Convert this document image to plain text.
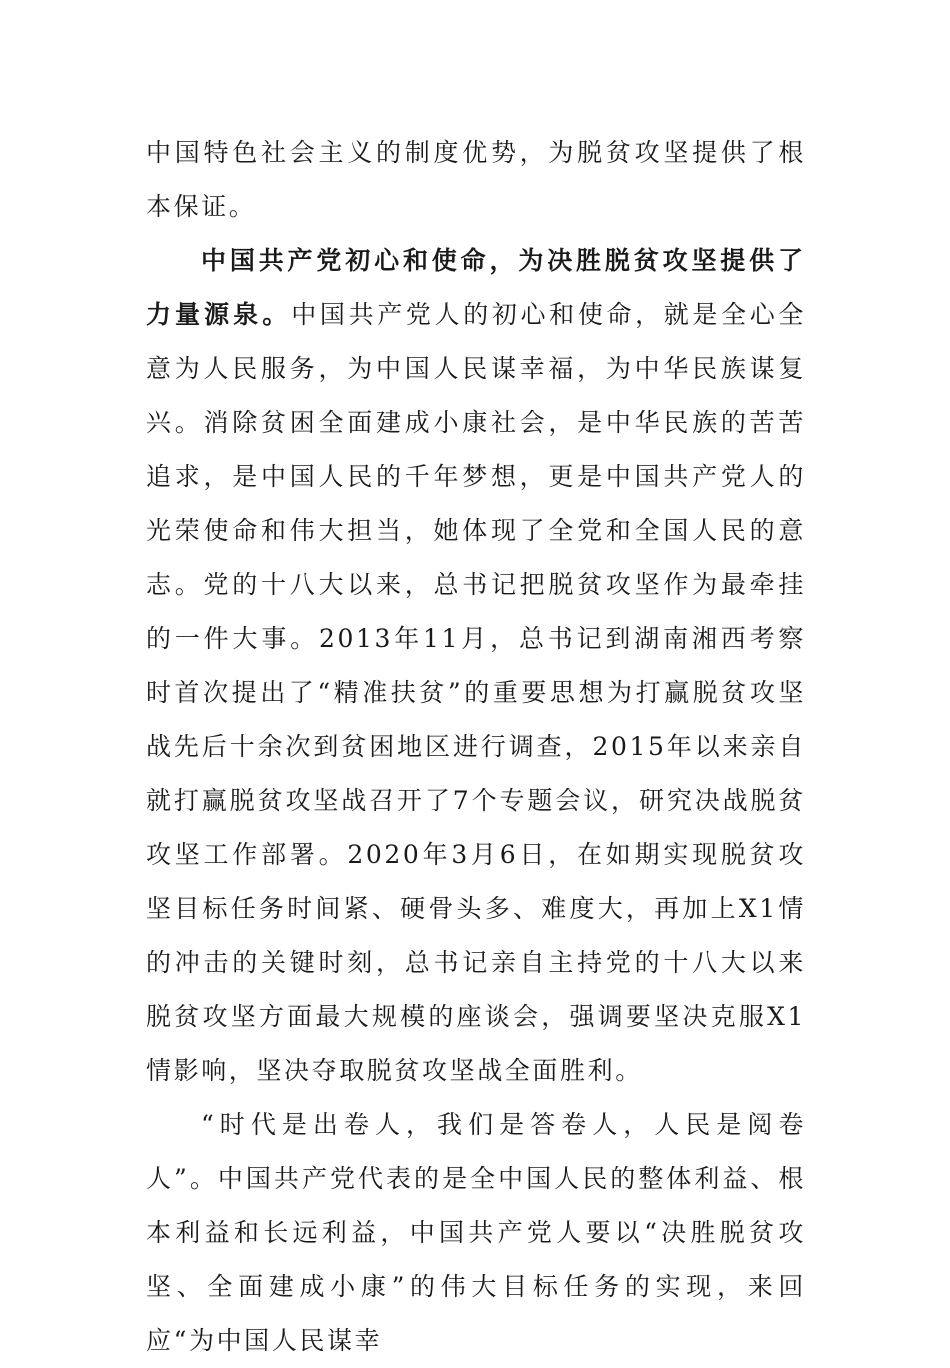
中国特色社会主义的制度优势，为脱贫攻坚提供了根本保证。

中国共产党初心和使命，为决胜脱贫攻坚提供了力量源泉。中国共产党人的初心和使命，就是全心全意为人民服务，为中国人民谋幸福，为中华民族谋复兴。消除贫困全面建成小康社会，是中华民族的苦苦追求，是中国人民的千年梦想，更是中国共产党人的光荣使命和伟大担当，她体现了全党和全国人民的意志。党的十八大以来，总书记把脱贫攻坚作为最牵挂的一件大事。2013年11月，总书记到湖南湘西考察时首次提出了“精准扶贫”的重要思想为打赢脱贫攻坚战先后十余次到贫困地区进行调查，2015年以来亲自就打赢脱贫攻坚战召开了7个专题会议，研究决战脱贫攻坚工作部署。2020年3月6日，在如期实现脱贫攻坚目标任务时间紧、硬骨头多、难度大，再加上X1情的冲击的关键时刻，总书记亲自主持党的十八大以来脱贫攻坚方面最大规模的座谈会，强调要坚决克服X1情影响，坚决夺取脱贫攻坚战全面胜利。

“时代是出卷人，我们是答卷人，人民是阅卷人”。中国共产党代表的是全中国人民的整体利益、根本利益和长远利益，中国共产党人要以“决胜脱贫攻坚、全面建成小康”的伟大目标任务的实现，来回应“为中国人民谋幸
